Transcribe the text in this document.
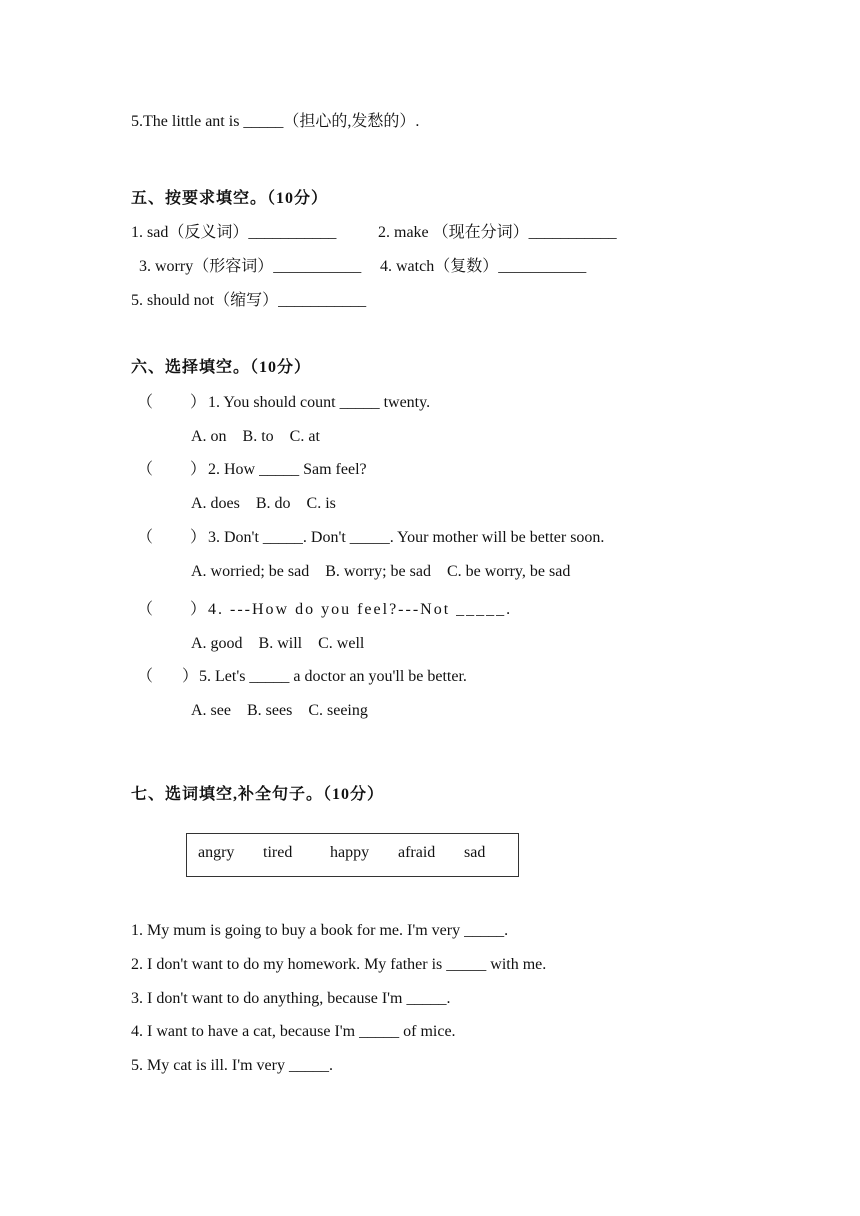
5.The little ant is _____（担心的,发愁的）.
五、按要求填空。（10分）
1. sad（反义词）___________	2. make （现在分词）___________
3. worry（形容词）___________ 4. watch（复数）___________
5. should not（缩写）___________
六、选择填空。（10分）
（ ） 1. You should count _____ twenty.
A. on    B. to    C. at
（ ） 2. How _____ Sam feel?
A. does    B. do    C. is
（ ） 3. Don't _____. Don't _____. Your mother will be better soon.
A. worried; be sad    B. worry; be sad    C. be worry, be sad
（ ） 4. ---How do you feel?---Not _____.
A. good    B. will    C. well
（ ） 5. Let's _____ a doctor an you'll be better.
A. see    B. sees    C. seeing
七、选词填空,补全句子。（10分）
angry tired happy afraid sad
1. My mum is going to buy a book for me. I'm very _____.
2. I don't want to do my homework. My father is _____ with me.
3. I don't want to do anything, because I'm _____.
4. I want to have a cat, because I'm _____ of mice.
5. My cat is ill. I'm very _____.
